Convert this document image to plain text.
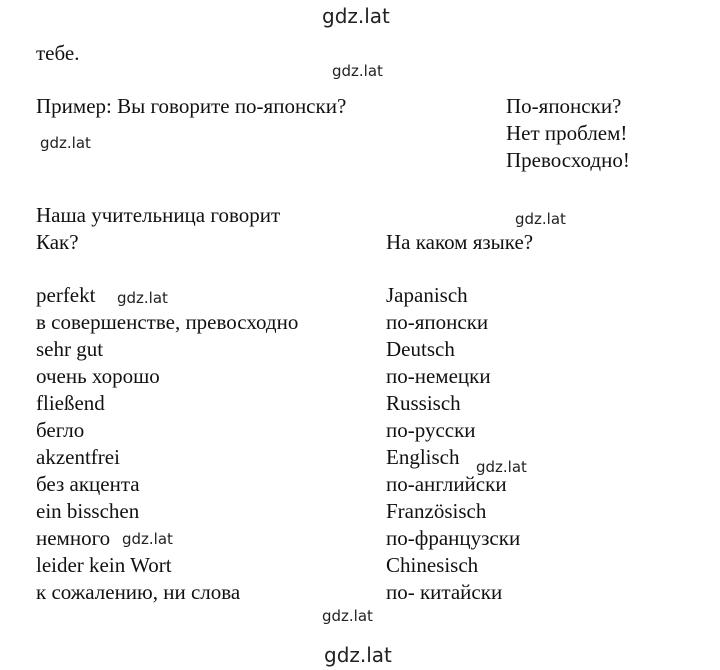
gdz.lat
gdz.lat
gdz.lat
gdz.lat
gdz.lat
gdz.lat
gdz.lat
gdz.lat
gdz.lat
тебе.
Пример: Вы говорите по-японски?	По-японски?
Нет проблем!
Превосходно!
Наша учительница говорит
Как?	На каком языке?
perfekt
в совершенстве, превосходно
sehr gut
очень хорошо
fließend
бегло
akzentfrei
без акцента
ein bisschen
немного
leider kein Wort
к сожалению, ни слова
Japanisch
по-японски
Deutsch
по-немецки
Russisch
по-русски
Englisch
по-английски
Französisch
по-французски
Chinesisch
по- китайски
